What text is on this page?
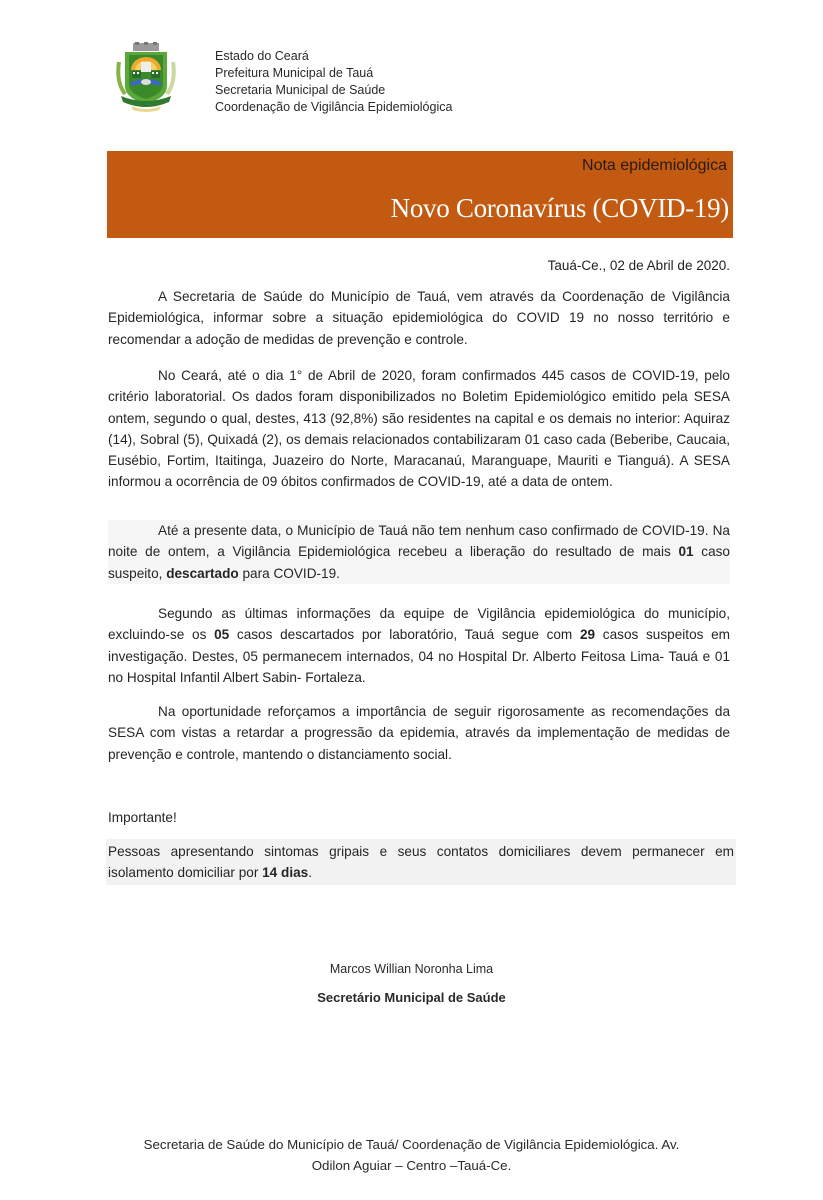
Estado do Ceará
Prefeitura Municipal de Tauá
Secretaria Municipal de Saúde
Coordenação de Vigilância Epidemiológica
Nota epidemiológica
Novo Coronavírus (COVID-19)
Tauá-Ce., 02 de Abril de 2020.
A Secretaria de Saúde do Município de Tauá, vem através da Coordenação de Vigilância Epidemiológica, informar sobre a situação epidemiológica do COVID 19 no nosso território e recomendar a adoção de medidas de prevenção e controle.
No Ceará, até o dia 1° de Abril de 2020, foram confirmados 445 casos de COVID-19, pelo critério laboratorial. Os dados foram disponibilizados no Boletim Epidemiológico emitido pela SESA ontem, segundo o qual, destes, 413 (92,8%) são residentes na capital e os demais no interior: Aquiraz (14), Sobral (5), Quixadá (2), os demais relacionados contabilizaram 01 caso cada (Beberibe, Caucaia, Eusébio, Fortim, Itaitinga, Juazeiro do Norte, Maracanaú, Maranguape, Mauriti e Tianguá). A SESA informou a ocorrência de 09 óbitos confirmados de COVID-19, até a data de ontem.
Até a presente data, o Município de Tauá não tem nenhum caso confirmado de COVID-19. Na noite de ontem, a Vigilância Epidemiológica recebeu a liberação do resultado de mais 01 caso suspeito, descartado para COVID-19.
Segundo as últimas informações da equipe de Vigilância epidemiológica do município, excluindo-se os 05 casos descartados por laboratório, Tauá segue com 29 casos suspeitos em investigação. Destes, 05 permanecem internados, 04 no Hospital Dr. Alberto Feitosa Lima- Tauá e 01 no Hospital Infantil Albert Sabin- Fortaleza.
Na oportunidade reforçamos a importância de seguir rigorosamente as recomendações da SESA com vistas a retardar a progressão da epidemia, através da implementação de medidas de prevenção e controle, mantendo o distanciamento social.
Importante!
Pessoas apresentando sintomas gripais e seus contatos domiciliares devem permanecer em isolamento domiciliar por 14 dias.
Marcos Willian Noronha Lima
Secretário Municipal de Saúde
Secretaria de Saúde do Município de Tauá/ Coordenação de Vigilância Epidemiológica. Av.
Odilon Aguiar – Centro –Tauá-Ce.
